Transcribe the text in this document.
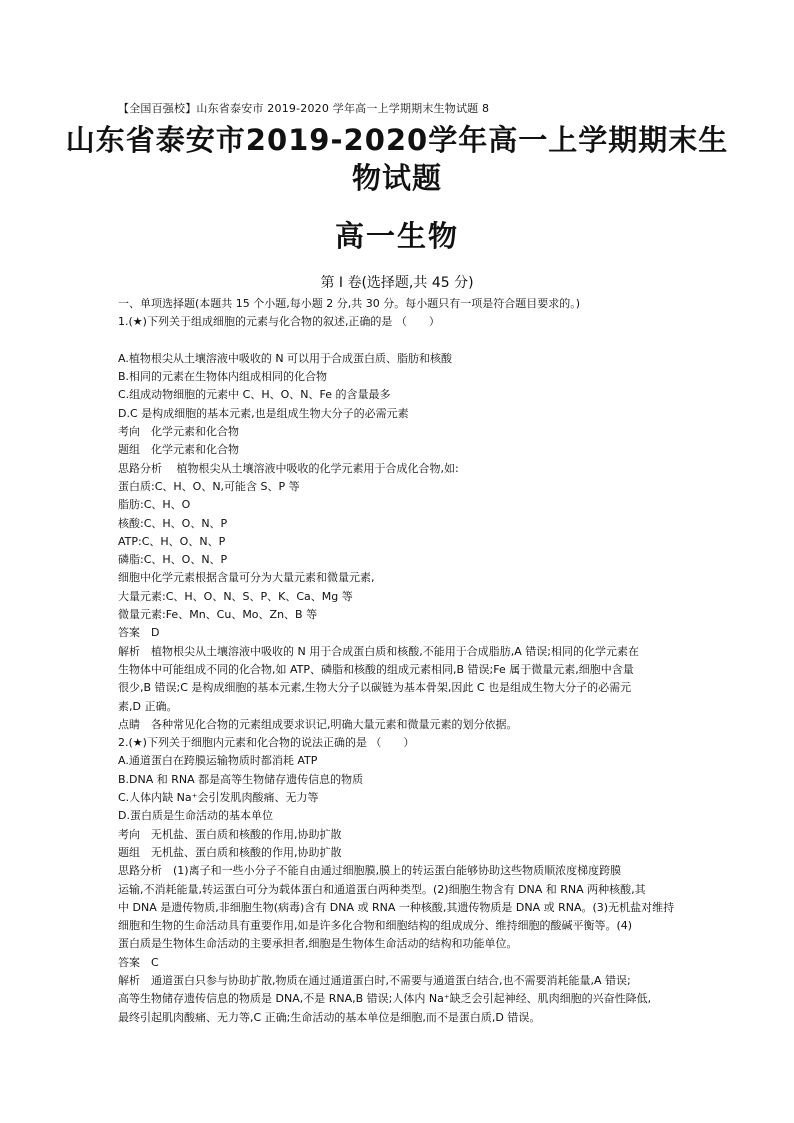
【全国百强校】山东省泰安市 2019-2020 学年高一上学期期末生物试题 8
山东省泰安市2019-2020学年高一上学期期末生
物试题
高一生物
第 I 卷(选择题,共 45 分)
一、单项选择题(本题共 15 个小题,每小题 2 分,共 30 分。每小题只有一项是符合题目要求的。)
1.(★)下列关于组成细胞的元素与化合物的叙述,正确的是 （　　）
A.植物根尖从土壤溶液中吸收的 N 可以用于合成蛋白质、脂肪和核酸
B.相同的元素在生物体内组成相同的化合物
C.组成动物细胞的元素中 C、H、O、N、Fe 的含量最多
D.C 是构成细胞的基本元素,也是组成生物大分子的必需元素
考向　化学元素和化合物
题组　化学元素和化合物
思路分析　 植物根尖从土壤溶液中吸收的化学元素用于合成化合物,如:
蛋白质:C、H、O、N,可能含 S、P 等
脂肪:C、H、O
核酸:C、H、O、N、P
ATP:C、H、O、N、P
磷脂:C、H、O、N、P
细胞中化学元素根据含量可分为大量元素和微量元素,
大量元素:C、H、O、N、S、P、K、Ca、Mg 等
微量元素:Fe、Mn、Cu、Mo、Zn、B 等
答案　D
解析　植物根尖从土壤溶液中吸收的 N 用于合成蛋白质和核酸,不能用于合成脂肪,A 错误;相同的化学元素在
生物体中可能组成不同的化合物,如 ATP、磷脂和核酸的组成元素相同,B 错误;Fe 属于微量元素,细胞中含量
很少,B 错误;C 是构成细胞的基本元素,生物大分子以碳链为基本骨架,因此 C 也是组成生物大分子的必需元
素,D 正确。
点睛　各种常见化合物的元素组成要求识记,明确大量元素和微量元素的划分依据。
2.(★)下列关于细胞内元素和化合物的说法正确的是 （　　）
A.通道蛋白在跨膜运输物质时都消耗 ATP
B.DNA 和 RNA 都是高等生物储存遗传信息的物质
C.人体内缺 Na⁺会引发肌肉酸痛、无力等
D.蛋白质是生命活动的基本单位
考向　无机盐、蛋白质和核酸的作用,协助扩散
题组　无机盐、蛋白质和核酸的作用,协助扩散
思路分析　(1)离子和一些小分子不能自由通过细胞膜,膜上的转运蛋白能够协助这些物质顺浓度梯度跨膜
运输,不消耗能量,转运蛋白可分为载体蛋白和通道蛋白两种类型。(2)细胞生物含有 DNA 和 RNA 两种核酸,其
中 DNA 是遗传物质,非细胞生物(病毒)含有 DNA 或 RNA 一种核酸,其遗传物质是 DNA 或 RNA。(3)无机盐对维持
细胞和生物的生命活动具有重要作用,如是许多化合物和细胞结构的组成成分、维持细胞的酸碱平衡等。(4)
蛋白质是生物体生命活动的主要承担者,细胞是生物体生命活动的结构和功能单位。
答案　C
解析　通道蛋白只参与协助扩散,物质在通过通道蛋白时,不需要与通道蛋白结合,也不需要消耗能量,A 错误;
高等生物储存遗传信息的物质是 DNA,不是 RNA,B 错误;人体内 Na⁺缺乏会引起神经、肌肉细胞的兴奋性降低,
最终引起肌肉酸痛、无力等,C 正确;生命活动的基本单位是细胞,而不是蛋白质,D 错误。
